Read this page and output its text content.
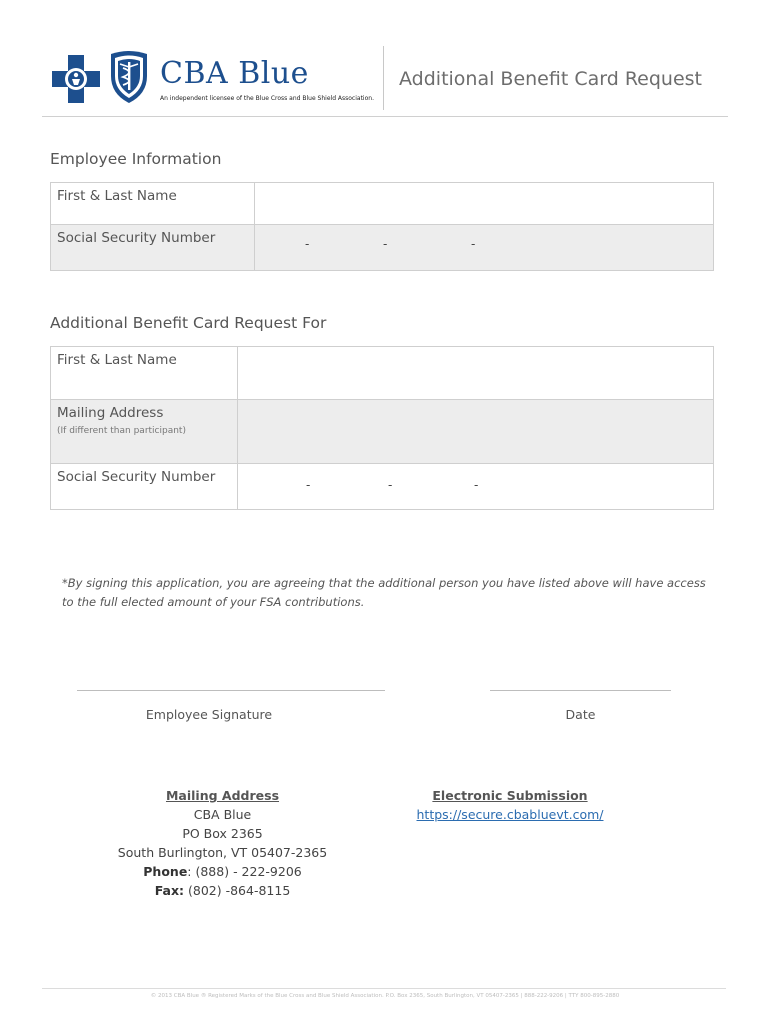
CBA Blue
An independent licensee of the Blue Cross and Blue Shield Association.
Additional Benefit Card Request
Employee Information
First & Last Name
Social Security Number	-	-	-
Additional Benefit Card Request For
First & Last Name
Mailing Address
(If different than participant)
Social Security Number	-	-	-
*By signing this application, you are agreeing that the additional person you have listed above will have access to the full elected amount of your FSA contributions.
Employee Signature	Date
Mailing Address
CBA Blue
PO Box 2365
South Burlington, VT 05407-2365
Phone: (888) - 222-9206
Fax: (802) -864-8115
Electronic Submission
https://secure.cbabluevt.com/
© 2013 CBA Blue ® Registered Marks of the Blue Cross and Blue Shield Association. P.O. Box 2365, South Burlington, VT 05407-2365 | 888-222-9206 | TTY 800-895-2880
